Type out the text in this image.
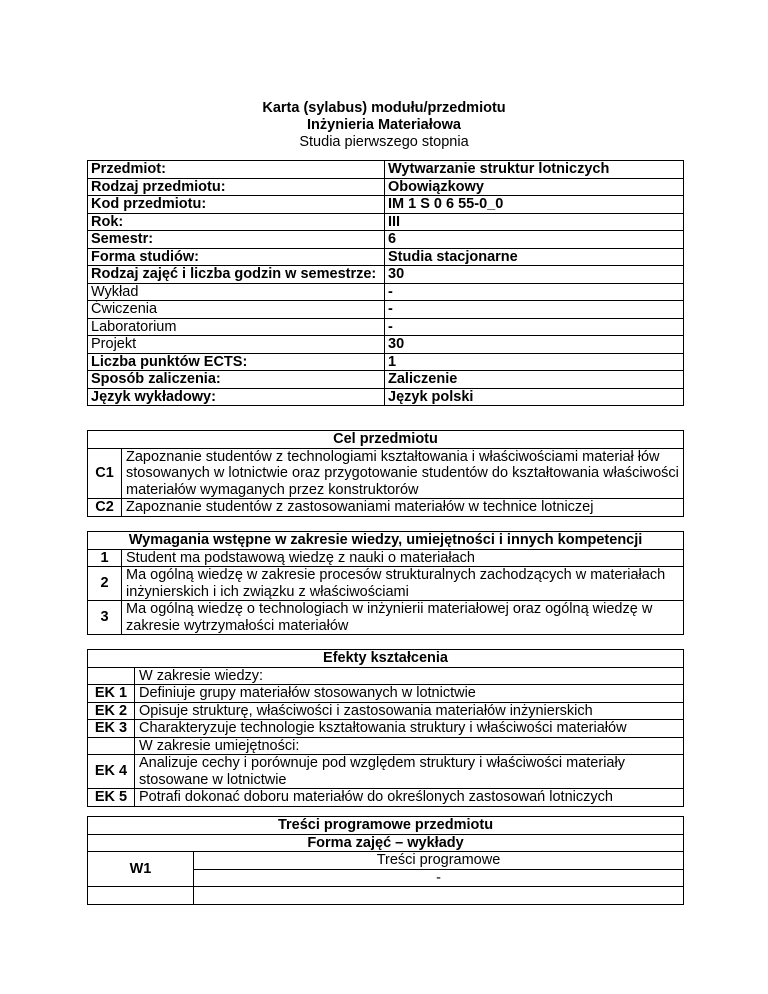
Karta (sylabus) modułu/przedmiotu
Inżynieria Materiałowa
Studia pierwszego stopnia
Przedmiot:	Wytwarzanie struktur lotniczych
Rodzaj przedmiotu:	Obowiązkowy
Kod przedmiotu:	IM 1 S 0 6 55-0_0
Rok:	III
Semestr:	6
Forma studiów:	Studia stacjonarne
Rodzaj zajęć i liczba godzin w semestrze:	30
Wykład	-
Ćwiczenia	-
Laboratorium	-
Projekt	30
Liczba punktów ECTS:	1
Sposób zaliczenia:	Zaliczenie
Język wykładowy:	Język polski
Cel przedmiotu	
C1	Zapoznanie studentów z technologiami kształtowania i właściwościami materiał łów stosowanych w lotnictwie oraz przygotowanie studentów do kształtowania właściwości materiałów wymaganych przez konstruktorów
C2	Zapoznanie studentów z zastosowaniami materiałów w technice lotniczej
Wymagania wstępne w zakresie wiedzy, umiejętności i innych kompetencji	
1	Student ma podstawową wiedzę z nauki o materiałach
2	Ma ogólną wiedzę w zakresie procesów strukturalnych zachodzących w materiałach inżynierskich i ich związku z właściwościami
3	Ma ogólną wiedzę o technologiach w inżynierii materiałowej oraz ogólną wiedzę w zakresie wytrzymałości materiałów
Efekty kształcenia	
	W zakresie wiedzy:
EK 1	Definiuje grupy materiałów stosowanych w lotnictwie
EK 2	Opisuje strukturę, właściwości i zastosowania materiałów inżynierskich
EK 3	Charakteryzuje technologie kształtowania struktury i właściwości materiałów
	W zakresie umiejętności:
EK 4	Analizuje cechy i porównuje pod względem struktury i właściwości materiały stosowane w lotnictwie
EK 5	Potrafi dokonać doboru materiałów do określonych zastosowań lotniczych
Treści programowe przedmiotu	
Forma zajęć – wykłady	
W1	Treści programowe
	-
